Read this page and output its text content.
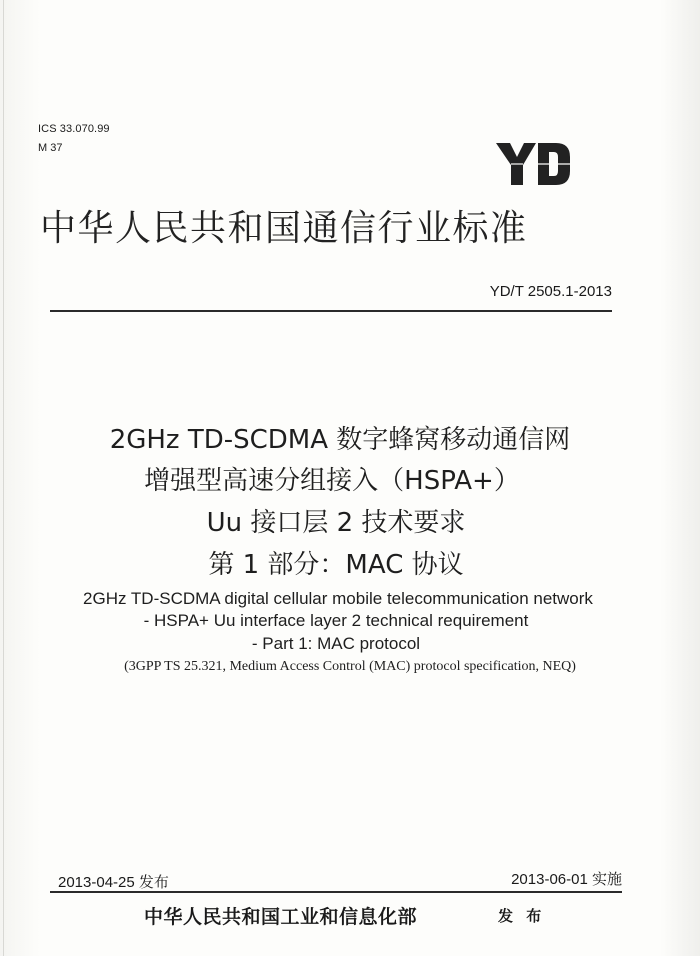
ICS 33.070.99
M 37
中华人民共和国通信行业标准
YD/T 2505.1-2013
2GHz TD-SCDMA 数字蜂窝移动通信网
增强型高速分组接入（HSPA+）
Uu 接口层 2 技术要求
第 1 部分：MAC 协议
2GHz TD-SCDMA digital cellular mobile telecommunication network
- HSPA+ Uu interface layer 2 technical requirement
- Part 1: MAC protocol
(3GPP TS 25.321, Medium Access Control (MAC) protocol specification, NEQ)
2013-04-25 发布	2013-06-01 实施
中华人民共和国工业和信息化部	发 布
